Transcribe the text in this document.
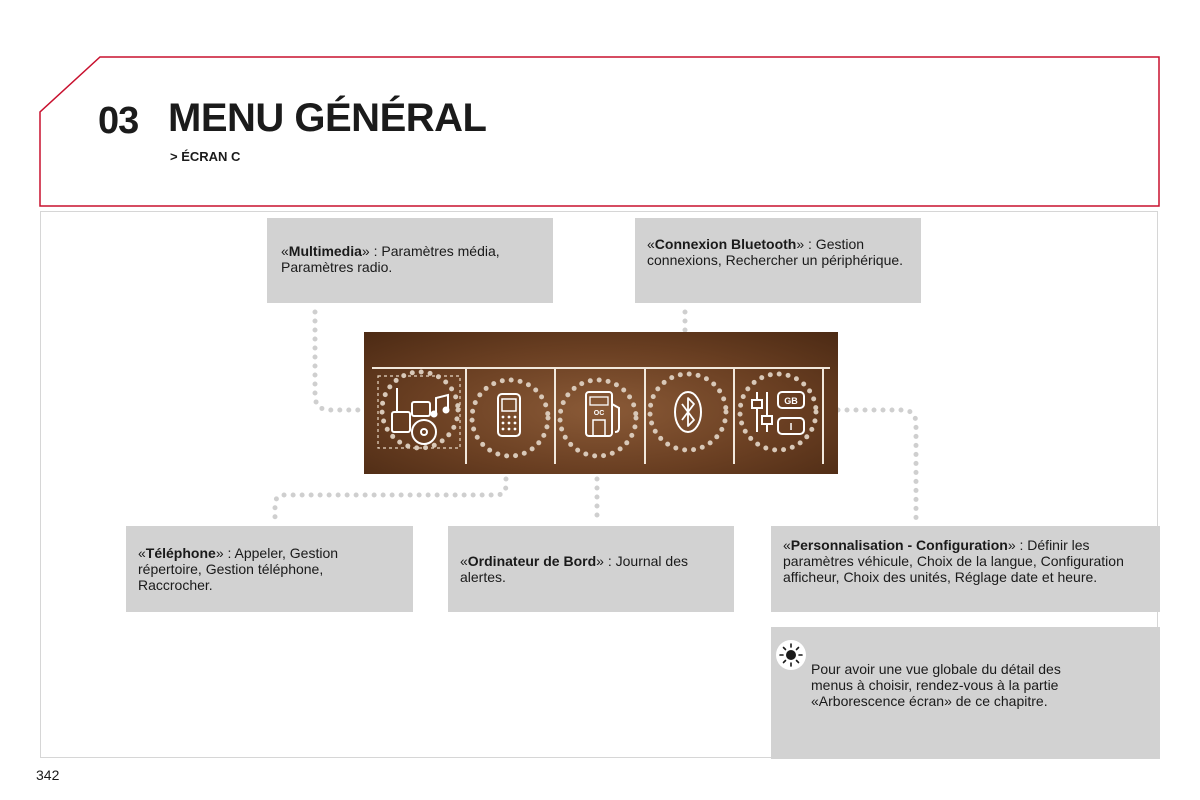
03 MENU GÉNÉRAL
> ÉCRAN C
«Multimedia» : Paramètres média, Paramètres radio.
«Connexion Bluetooth» : Gestion connexions, Rechercher un périphérique.
«Téléphone» : Appeler, Gestion répertoire, Gestion téléphone, Raccrocher.
«Ordinateur de Bord» : Journal des alertes.
«Personnalisation - Configuration» : Définir les paramètres véhicule, Choix de la langue, Configuration afficheur, Choix des unités, Réglage date et heure.
Pour avoir une vue globale du détail des menus à choisir, rendez-vous à la partie «Arborescence écran» de ce chapitre.
OC
GB
I
342
